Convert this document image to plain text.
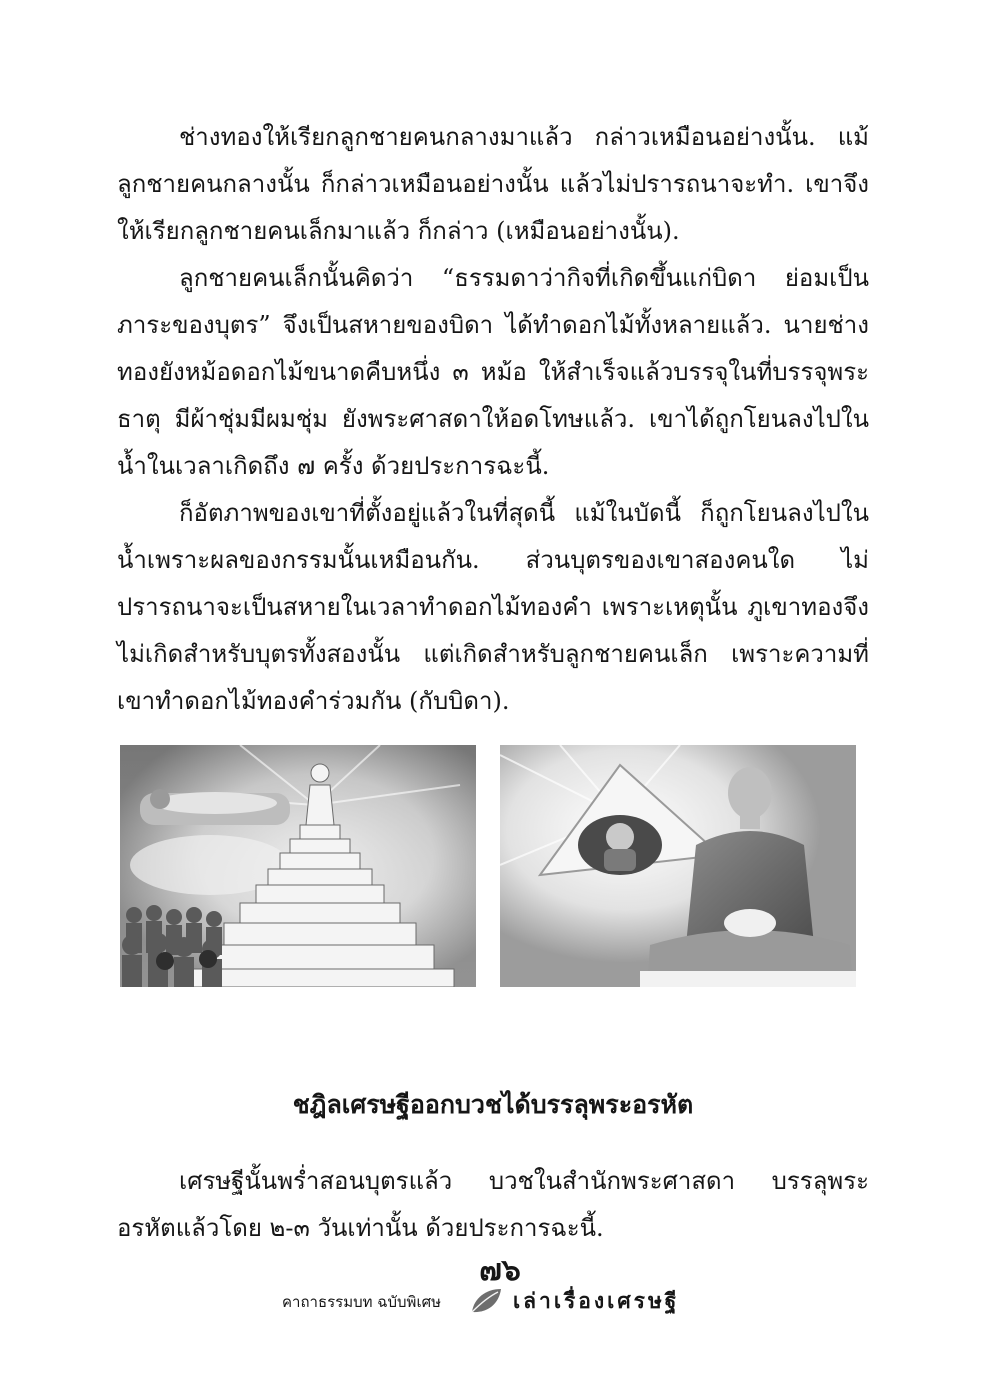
ช่างทองให้เรียกลูกชายคนกลางมาแล้ว กล่าวเหมือนอย่างนั้น. แม้ลูกชายคนกลางนั้น ก็กล่าวเหมือนอย่างนั้น แล้วไม่ปรารถนาจะทำ. เขาจึงให้เรียกลูกชายคนเล็กมาแล้ว ก็กล่าว (เหมือนอย่างนั้น).

ลูกชายคนเล็กนั้นคิดว่า “ธรรมดาว่ากิจที่เกิดขึ้นแก่บิดา ย่อมเป็นภาระของบุตร” จึงเป็นสหายของบิดา ได้ทำดอกไม้ทั้งหลายแล้ว. นายช่างทองยังหม้อดอกไม้ขนาดคืบหนึ่ง ๓ หม้อ ให้สำเร็จแล้วบรรจุในที่บรรจุพระธาตุ มีผ้าชุ่มมีผมชุ่ม ยังพระศาสดาให้อดโทษแล้ว. เขาได้ถูกโยนลงไปในน้ำในเวลาเกิดถึง ๗ ครั้ง ด้วยประการฉะนี้.

ก็อัตภาพของเขาที่ตั้งอยู่แล้วในที่สุดนี้ แม้ในบัดนี้ ก็ถูกโยนลงไปในน้ำเพราะผลของกรรมนั้นเหมือนกัน. ส่วนบุตรของเขาสองคนใด ไม่ปรารถนาจะเป็นสหายในเวลาทำดอกไม้ทองคำ เพราะเหตุนั้น ภูเขาทองจึงไม่เกิดสำหรับบุตรทั้งสองนั้น แต่เกิดสำหรับลูกชายคนเล็ก เพราะความที่เขาทำดอกไม้ทองคำร่วมกัน (กับบิดา).

ชฎิลเศรษฐีออกบวชได้บรรลุพระอรหัต

เศรษฐีนั้นพร่ำสอนบุตรแล้ว บวชในสำนักพระศาสดา บรรลุพระอรหัตแล้วโดย ๒-๓ วันเท่านั้น ด้วยประการฉะนี้.

๗๖
คาถาธรรมบท ฉบับพิเศษ	เล่าเรื่องเศรษฐี
